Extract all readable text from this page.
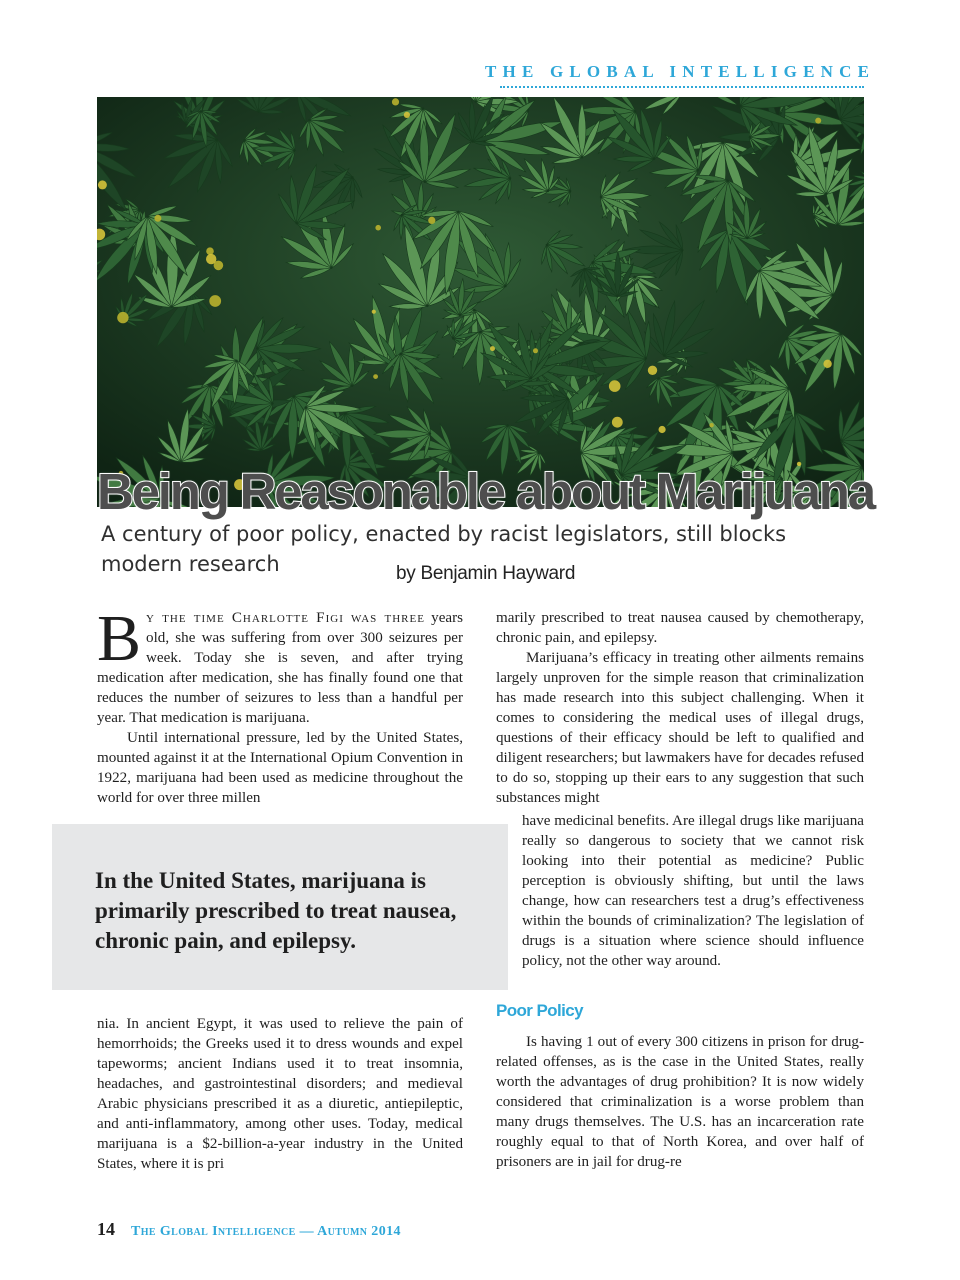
THE GLOBAL INTELLIGENCE
Being Reasonable about Marijuana

A century of poor policy, enacted by racist legislators, still blocks modern research	by Benjamin Hayward

By the time Charlotte Figi was three years old, she was suffering from over 300 seizures per week. Today she is seven, and after trying medication after medication, she has finally found one that reduces the number of seizures to less than a handful per year. That medication is marijuana.

Until international pressure, led by the United States, mounted against it at the International Opium Convention in 1922, marijuana had been used as medicine throughout the world for over three millen

In the United States, marijuana is primarily prescribed to treat nausea, chronic pain, and epilepsy.

nia. In ancient Egypt, it was used to relieve the pain of hemorrhoids; the Greeks used it to dress wounds and expel tapeworms; ancient Indians used it to treat insomnia, headaches, and gastrointestinal disorders; and medieval Arabic physicians prescribed it as a diuretic, antiepileptic, and anti-inflammatory, among other uses. Today, medical marijuana is a $2-billion-a-year industry in the United States, where it is pri

marily prescribed to treat nausea caused by chemotherapy, chronic pain, and epilepsy.

Marijuana’s efficacy in treating other ailments remains largely unproven for the simple reason that criminalization has made research into this subject challenging. When it comes to considering the medical uses of illegal drugs, questions of their efficacy should be left to qualified and diligent researchers; but lawmakers have for decades refused to do so, stopping up their ears to any suggestion that such substances might

have medicinal benefits. Are illegal drugs like marijuana really so dangerous to society that we cannot risk looking into their potential as medicine? Public perception is obviously shifting, but until the laws change, how can researchers test a drug’s effectiveness within the bounds of criminalization? The legislation of drugs is a situation where science should influence policy, not the other way around.

Poor Policy

Is having 1 out of every 300 citizens in prison for drug-related offenses, as is the case in the United States, really worth the advantages of drug prohibition? It is now widely considered that criminalization is a worse problem than many drugs themselves. The U.S. has an incarceration rate roughly equal to that of North Korea, and over half of prisoners are in jail for drug-re

14 The Global Intelligence — Autumn 2014
